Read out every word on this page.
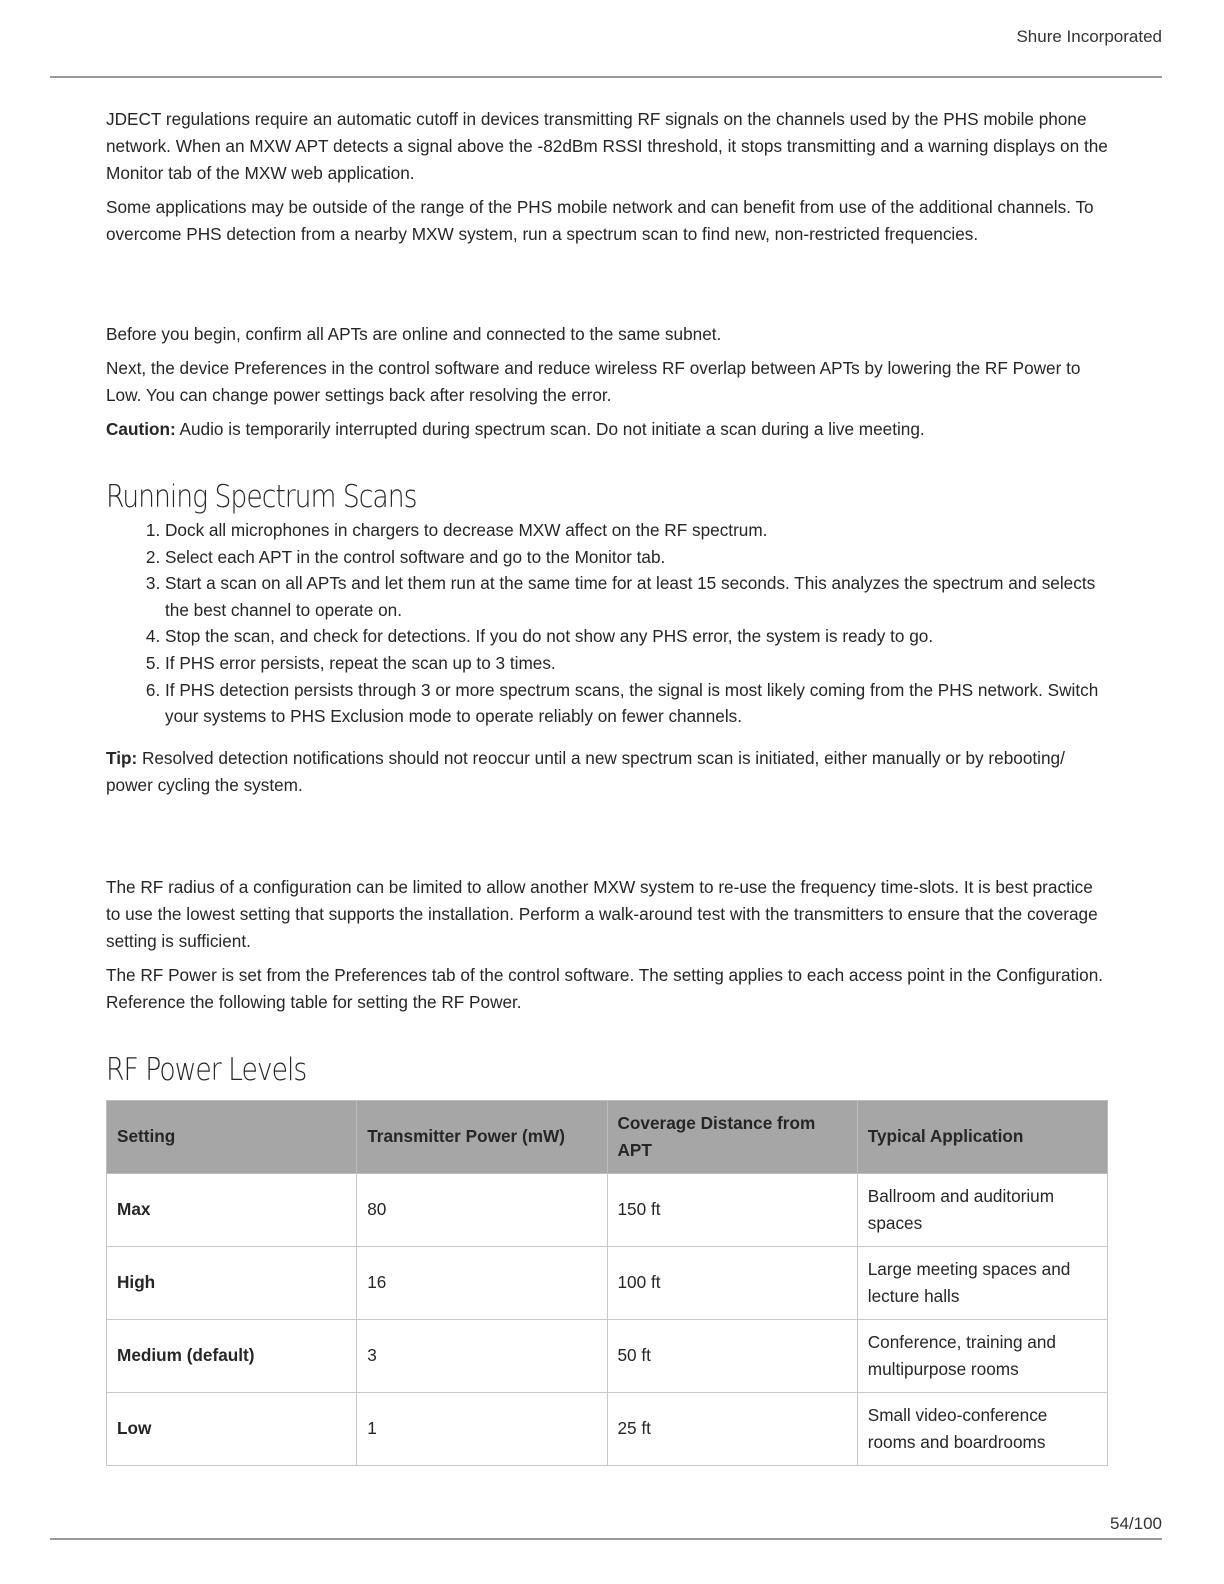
Shure Incorporated

JDECT regulations require an automatic cutoff in devices transmitting RF signals on the channels used by the PHS mobile phone network. When an MXW APT detects a signal above the -82dBm RSSI threshold, it stops transmitting and a warning displays on the Monitor tab of the MXW web application.

Some applications may be outside of the range of the PHS mobile network and can benefit from use of the additional channels. To overcome PHS detection from a nearby MXW system, run a spectrum scan to find new, non-restricted frequencies.

Before you begin, confirm all APTs are online and connected to the same subnet.

Next, the device Preferences in the control software and reduce wireless RF overlap between APTs by lowering the RF Power to Low. You can change power settings back after resolving the error.

Caution: Audio is temporarily interrupted during spectrum scan. Do not initiate a scan during a live meeting.

Running Spectrum Scans
1. Dock all microphones in chargers to decrease MXW affect on the RF spectrum.
2. Select each APT in the control software and go to the Monitor tab.
3. Start a scan on all APTs and let them run at the same time for at least 15 seconds. This analyzes the spectrum and selects the best channel to operate on.
4. Stop the scan, and check for detections. If you do not show any PHS error, the system is ready to go.
5. If PHS error persists, repeat the scan up to 3 times.
6. If PHS detection persists through 3 or more spectrum scans, the signal is most likely coming from the PHS network. Switch your systems to PHS Exclusion mode to operate reliably on fewer channels.

Tip: Resolved detection notifications should not reoccur until a new spectrum scan is initiated, either manually or by rebooting/ power cycling the system.

The RF radius of a configuration can be limited to allow another MXW system to re-use the frequency time-slots. It is best practice to use the lowest setting that supports the installation. Perform a walk-around test with the transmitters to ensure that the coverage setting is sufficient.

The RF Power is set from the Preferences tab of the control software. The setting applies to each access point in the Configuration. Reference the following table for setting the RF Power.

RF Power Levels
Setting	Transmitter Power (mW)	Coverage Distance from APT	Typical Application
Max	80	150 ft	Ballroom and auditorium spaces
High	16	100 ft	Large meeting spaces and lecture halls
Medium (default)	3	50 ft	Conference, training and multipurpose rooms
Low	1	25 ft	Small video-conference rooms and boardrooms
54/100
